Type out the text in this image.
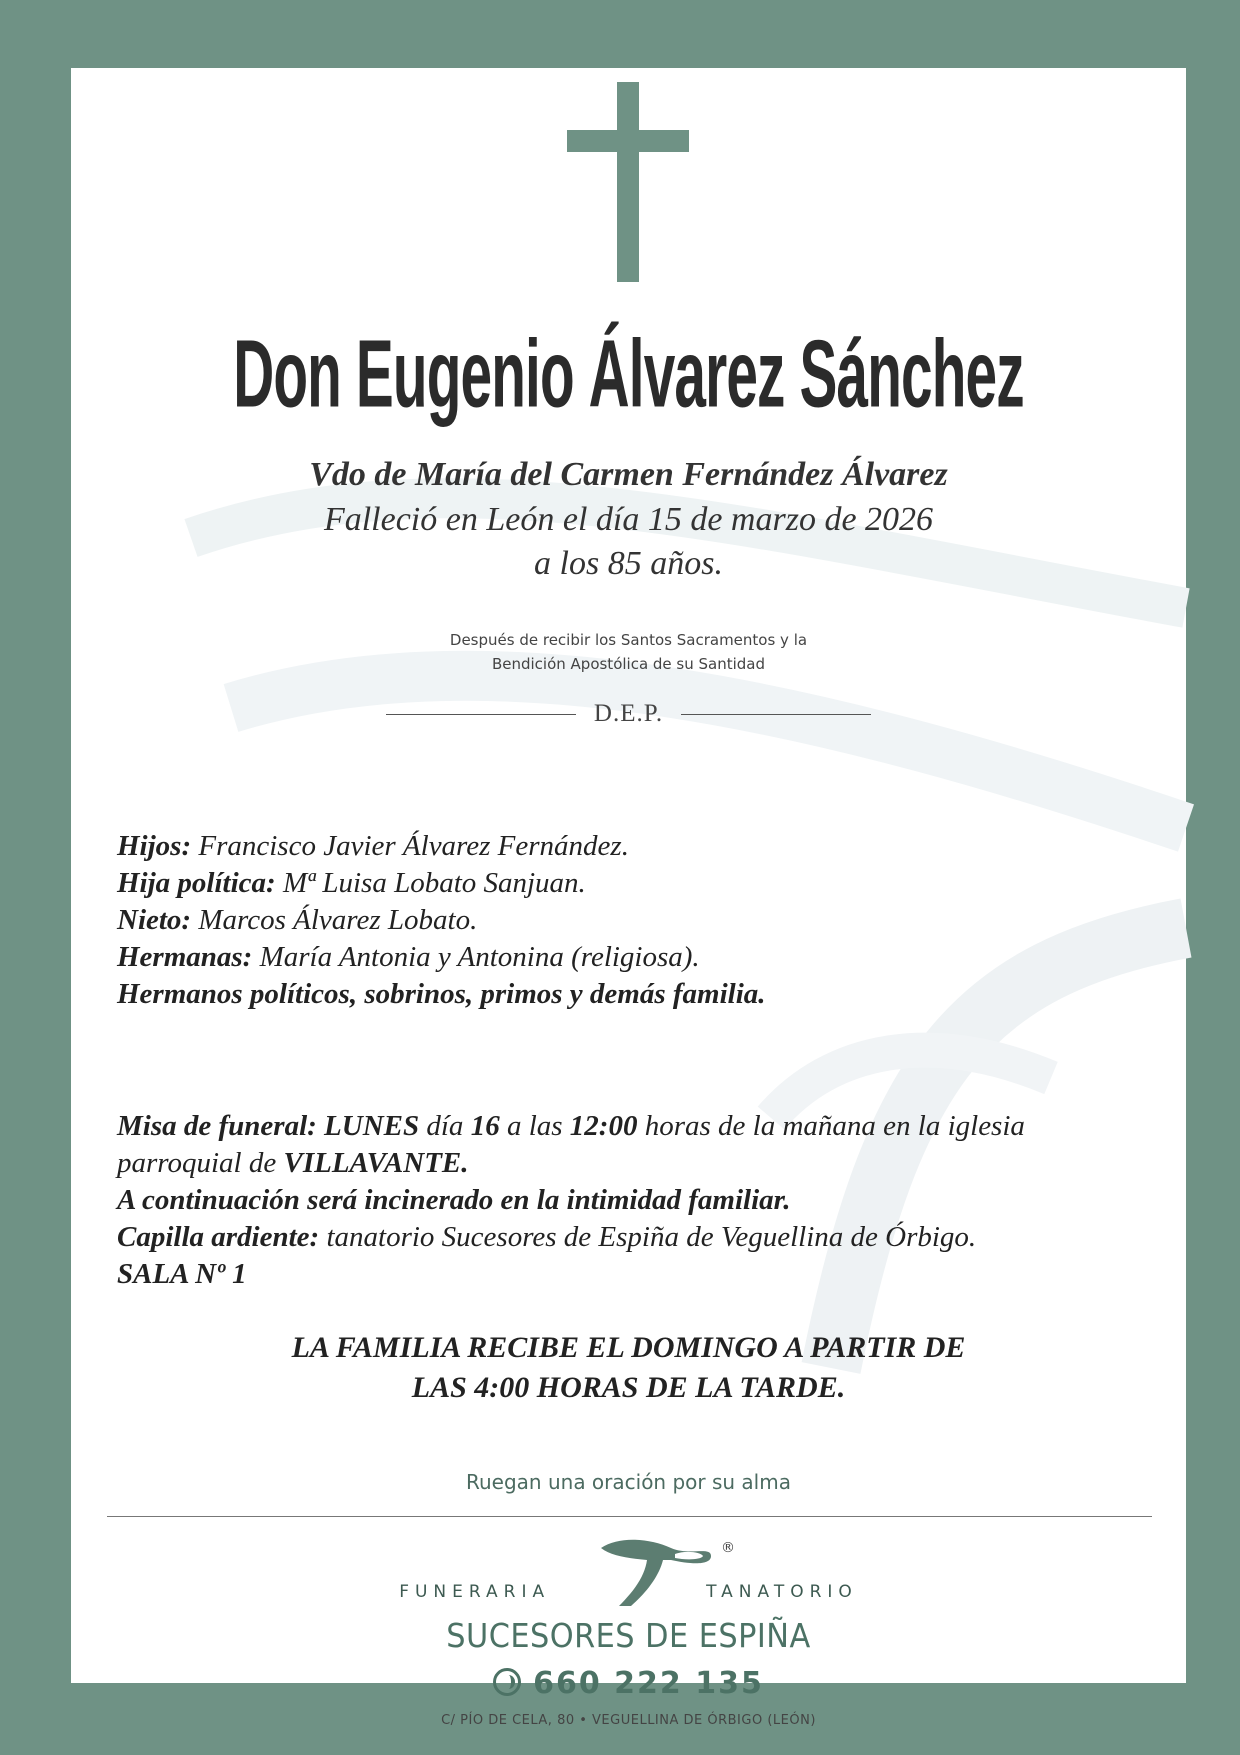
Don Eugenio Álvarez Sánchez
Vdo de María del Carmen Fernández Álvarez
Falleció en León el día 15 de marzo de 2026
a los 85 años.
Después de recibir los Santos Sacramentos y la
Bendición Apostólica de su Santidad
D.E.P.

Hijos: Francisco Javier Álvarez Fernández.

Hija política: Mª Luisa Lobato Sanjuan.

Nieto: Marcos Álvarez Lobato.

Hermanas: María Antonia y Antonina (religiosa).

Hermanos políticos, sobrinos, primos y demás familia.

Misa de funeral: LUNES día 16 a las 12:00 horas de la mañana en la iglesia

parroquial de VILLAVANTE.

A continuación será incinerado en la intimidad familiar.

Capilla ardiente: tanatorio Sucesores de Espiña de Veguellina de Órbigo.

SALA Nº 1

LA FAMILIA RECIBE EL DOMINGO A PARTIR DE
LAS 4:00 HORAS DE LA TARDE.
Ruegan una oración por su alma
®
FUNERARIA	TANATORIO
SUCESORES DE ESPIÑA
660 222 135
C/ PÍO DE CELA, 80 • VEGUELLINA DE ÓRBIGO (LEÓN)
